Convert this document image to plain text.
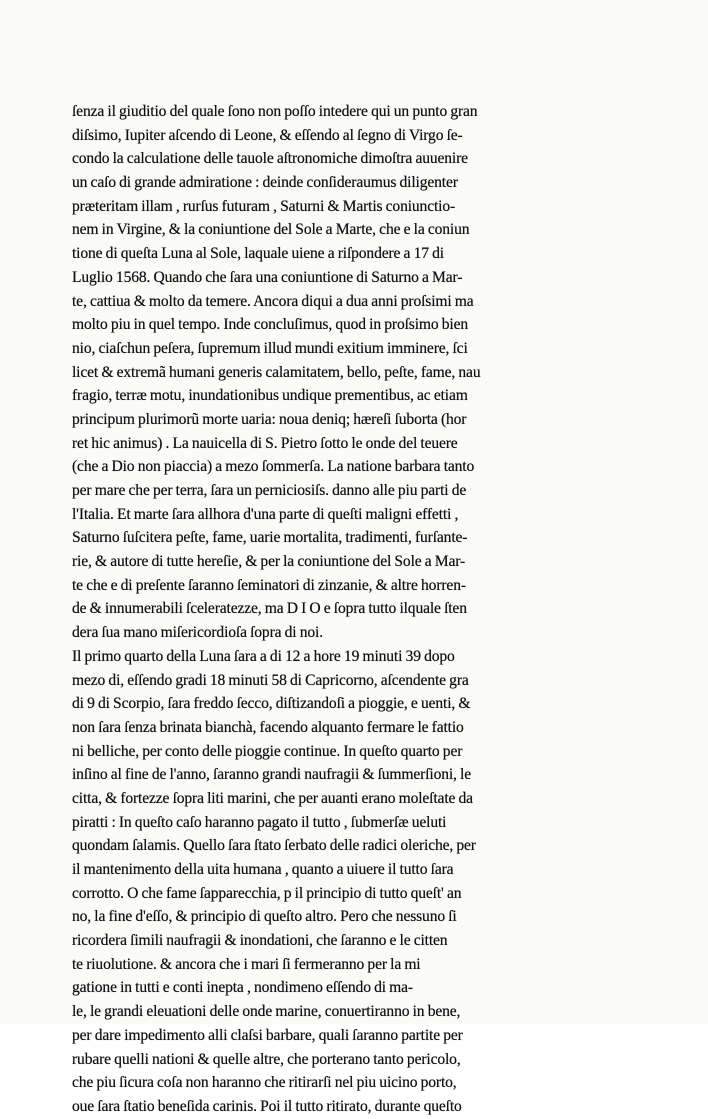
ſenza il giuditio del quale ſono non poſſo intedere qui un punto gran
diſsimo, Iupiter aſcendo di Leone, & eſſendo al ſegno di Virgo ſe-
condo la calculatione delle tauole aſtronomiche dimoſtra auuenire
un caſo di grande admiratione : deinde conſideraumus diligenter
præteritam illam , rurſus futuram , Saturni & Martis coniunctio-
nem in Virgine, & la coniuntione del Sole a Marte, che e la coniun
tione di queſta Luna al Sole, laquale uiene a riſpondere a 17 di
Luglio 1568. Quando che ſara una coniuntione di Saturno a Mar-
te, cattiua & molto da temere. Ancora diqui a dua anni proſsimi ma
molto piu in quel tempo. Inde concluſimus, quod in proſsimo bien
nio, ciaſchun peſera, ſupremum illud mundi exitium imminere, ſci
licet & extremã humani generis calamitatem, bello, peſte, fame, nau
fragio, terræ motu, inundationibus undique prementibus, ac etiam
principum plurimorũ morte uaria: noua deniq; hæreſi ſuborta (hor
ret hic animus) . La nauicella di S. Pietro ſotto le onde del teuere
(che a Dio non piaccia) a mezo ſommerſa. La natione barbara tanto
per mare che per terra, ſara un perniciosiſs. danno alle piu parti de
l'Italia. Et marte ſara allhora d'una parte di queſti maligni effetti ,
Saturno ſuſcitera peſte, fame, uarie mortalita, tradimenti, furſante-
rie, & autore di tutte hereſie, & per la coniuntione del Sole a Mar-
te che e di preſente ſaranno ſeminatori di zinzanie, & altre horren-
de & innumerabili ſceleratezze, ma D I O e ſopra tutto ilquale ſten
dera ſua mano miſericordioſa ſopra di noi.
Il primo quarto della Luna ſara a di 12 a hore 19 minuti 39 dopo
mezo di, eſſendo gradi 18 minuti 58 di Capricorno, aſcendente gra
di 9 di Scorpio, ſara freddo ſecco, diſtizandoſi a pioggie, e uenti, &
non ſara ſenza brinata bianchà, facendo alquanto fermare le fattio
ni belliche, per conto delle pioggie continue. In queſto quarto per
inſino al fine de l'anno, ſaranno grandi naufragii & ſummerſioni, le
citta, & fortezze ſopra liti marini, che per auanti erano moleſtate da
piratti : In queſto caſo haranno pagato il tutto , ſubmerſæ ueluti
quondam ſalamis. Quello ſara ſtato ſerbato delle radici oleriche, per
il mantenimento della uita humana , quanto a uiuere il tutto ſara
corrotto. O che fame ſapparecchia, p il principio di tutto queſt' an
no, la fine d'eſſo, & principio di queſto altro. Pero che nessuno ſi
ricordera ſimili naufragii & inondationi, che ſaranno e le citten
te riuolutione. & ancora che i mari ſi fermeranno per la mi
gatione in tutti e conti inepta , nondimeno eſſendo di ma-
le, le grandi eleuationi delle onde marine, conuertiranno in bene,
per dare impedimento alli claſsi barbare, quali ſaranno partite per
rubare quelli nationi & quelle altre, che porterano tanto pericolo,
che piu ſicura coſa non haranno che ritirarſi nel piu uicino porto,
oue ſara ſtatio beneſida carinis. Poi il tutto ritirato, durante queſto
